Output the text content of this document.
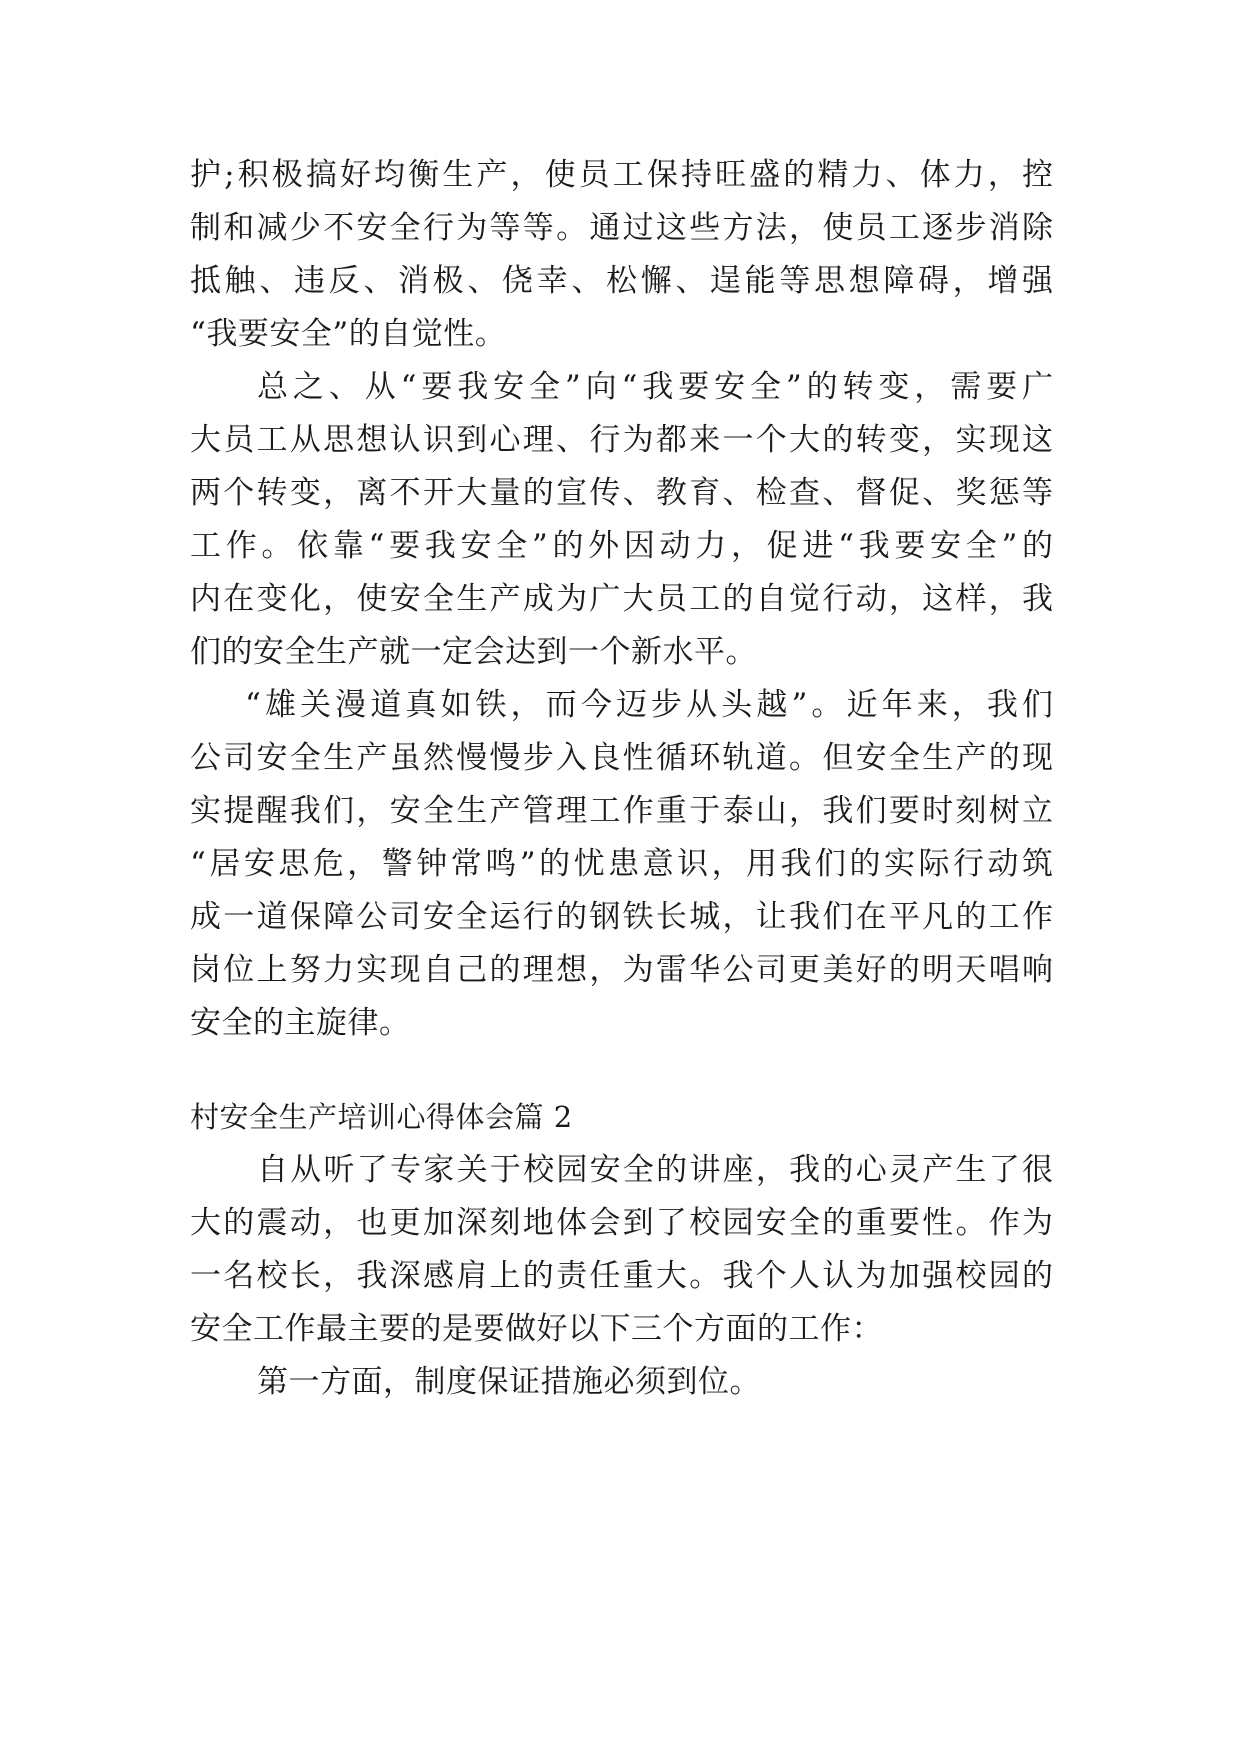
护;积极搞好均衡生产，使员工保持旺盛的精力、体力，控
制和减少不安全行为等等。通过这些方法，使员工逐步消除
抵触、违反、消极、侥幸、松懈、逞能等思想障碍，增强
“我要安全”的自觉性。
总之、从“要我安全”向“我要安全”的转变，需要广
大员工从思想认识到心理、行为都来一个大的转变，实现这
两个转变，离不开大量的宣传、教育、检查、督促、奖惩等
工作。依靠“要我安全”的外因动力，促进“我要安全”的
内在变化，使安全生产成为广大员工的自觉行动，这样，我
们的安全生产就一定会达到一个新水平。
“雄关漫道真如铁，而今迈步从头越”。近年来，我们
公司安全生产虽然慢慢步入良性循环轨道。但安全生产的现
实提醒我们，安全生产管理工作重于泰山，我们要时刻树立
“居安思危，警钟常鸣”的忧患意识，用我们的实际行动筑
成一道保障公司安全运行的钢铁长城，让我们在平凡的工作
岗位上努力实现自己的理想，为雷华公司更美好的明天唱响
安全的主旋律。
村安全生产培训心得体会篇 2
自从听了专家关于校园安全的讲座，我的心灵产生了很
大的震动，也更加深刻地体会到了校园安全的重要性。作为
一名校长，我深感肩上的责任重大。我个人认为加强校园的
安全工作最主要的是要做好以下三个方面的工作：
第一方面，制度保证措施必须到位。
